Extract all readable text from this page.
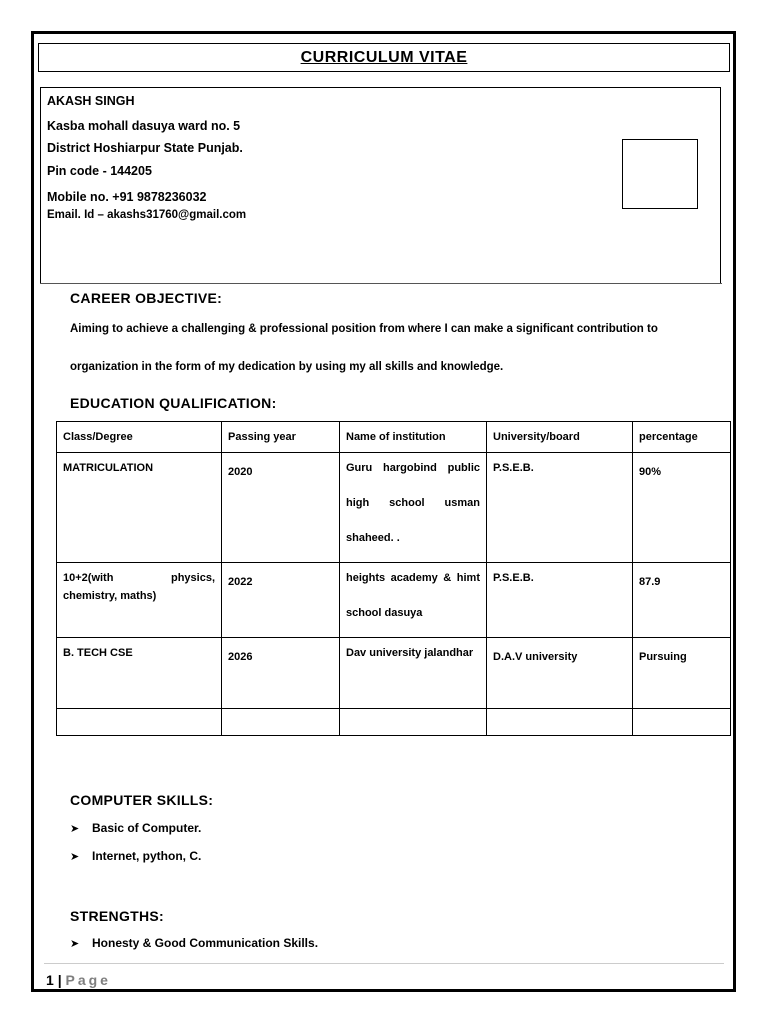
CURRICULUM VITAE
AKASH SINGH
Kasba mohall dasuya ward no. 5
District Hoshiarpur State Punjab.
Pin code - 144205
Mobile no. +91 9878236032
Email. Id – akashs31760@gmail.com
CAREER OBJECTIVE:
Aiming to achieve a challenging & professional position from where I can make a significant contribution to
organization in the form of my dedication by using my all skills and knowledge.
EDUCATION QUALIFICATION:
Class/Degree	Passing year	Name of institution	University/board	percentage
MATRICULATION	2020	Guru hargobind public high school usman shaheed. .	P.S.E.B.	90%
10+2(with physics, chemistry, maths)	2022	heights academy & himt school dasuya	P.S.E.B.	87.9
B. TECH CSE	2026	Dav university jalandhar	D.A.V university	Pursuing

COMPUTER SKILLS:
➤ Basic of Computer.
➤ Internet, python, C.
STRENGTHS:
➤ Honesty & Good Communication Skills.
1 | Page
